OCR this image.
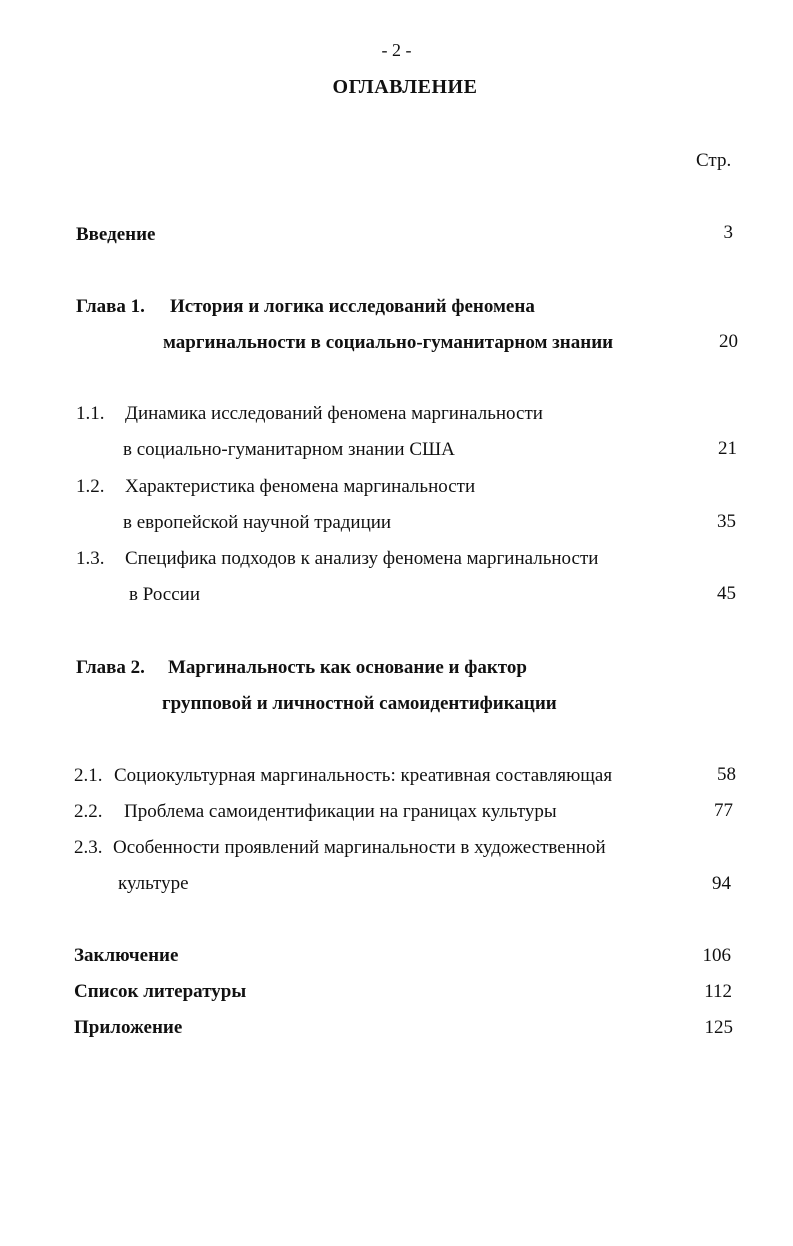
- 2 -
ОГЛАВЛЕНИЕ
Стр.
Введение	3
Глава 1. История и логика исследований феномена
маргинальности в социально-гуманитарном знании	20
1.1. Динамика исследований феномена маргинальности
в социально-гуманитарном знании США	21
1.2. Характеристика феномена маргинальности
в европейской научной традиции	35
1.3. Специфика подходов к анализу феномена маргинальности
в России	45
Глава 2. Маргинальность как основание и фактор
групповой и личностной самоидентификации
2.1. Социокультурная маргинальность: креативная составляющая	58
2.2. Проблема самоидентификации на границах культуры	77
2.3. Особенности проявлений маргинальности в художественной
культуре	94
Заключение	106
Список литературы	112
Приложение	125
